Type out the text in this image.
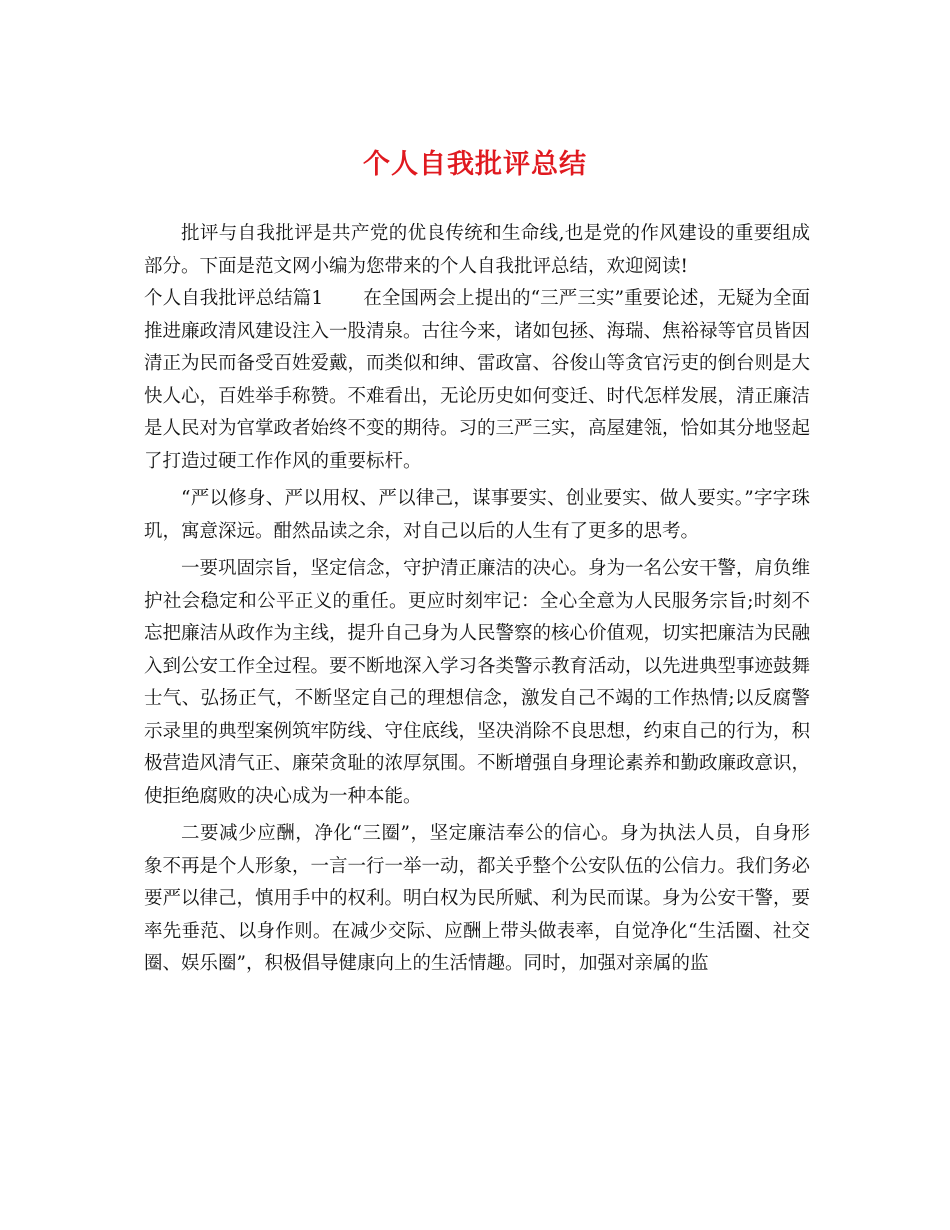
个人自我批评总结

批评与自我批评是共产党的优良传统和生命线,也是党的作风建设的重要组成部分。下面是范文网小编为您带来的个人自我批评总结，欢迎阅读!

个人自我批评总结篇1 在全国两会上提出的“三严三实”重要论述，无疑为全面推进廉政清风建设注入一股清泉。古往今来，诸如包拯、海瑞、焦裕禄等官员皆因清正为民而备受百姓爱戴，而类似和绅、雷政富、谷俊山等贪官污吏的倒台则是大快人心，百姓举手称赞。不难看出，无论历史如何变迁、时代怎样发展，清正廉洁是人民对为官掌政者始终不变的期待。习的三严三实，高屋建瓴，恰如其分地竖起了打造过硬工作作风的重要标杆。

“严以修身、严以用权、严以律己，谋事要实、创业要实、做人要实。”字字珠玑，寓意深远。酣然品读之余，对自己以后的人生有了更多的思考。

一要巩固宗旨，坚定信念，守护清正廉洁的决心。身为一名公安干警，肩负维护社会稳定和公平正义的重任。更应时刻牢记：全心全意为人民服务宗旨;时刻不忘把廉洁从政作为主线，提升自己身为人民警察的核心价值观，切实把廉洁为民融入到公安工作全过程。要不断地深入学习各类警示教育活动，以先进典型事迹鼓舞士气、弘扬正气，不断坚定自己的理想信念，激发自己不竭的工作热情;以反腐警示录里的典型案例筑牢防线、守住底线，坚决消除不良思想，约束自己的行为，积极营造风清气正、廉荣贪耻的浓厚氛围。不断增强自身理论素养和勤政廉政意识，使拒绝腐败的决心成为一种本能。

二要减少应酬，净化“三圈”，坚定廉洁奉公的信心。身为执法人员，自身形象不再是个人形象，一言一行一举一动，都关乎整个公安队伍的公信力。我们务必要严以律己，慎用手中的权利。明白权为民所赋、利为民而谋。身为公安干警，要率先垂范、以身作则。在减少交际、应酬上带头做表率，自觉净化“生活圈、社交圈、娱乐圈”，积极倡导健康向上的生活情趣。同时，加强对亲属的监
